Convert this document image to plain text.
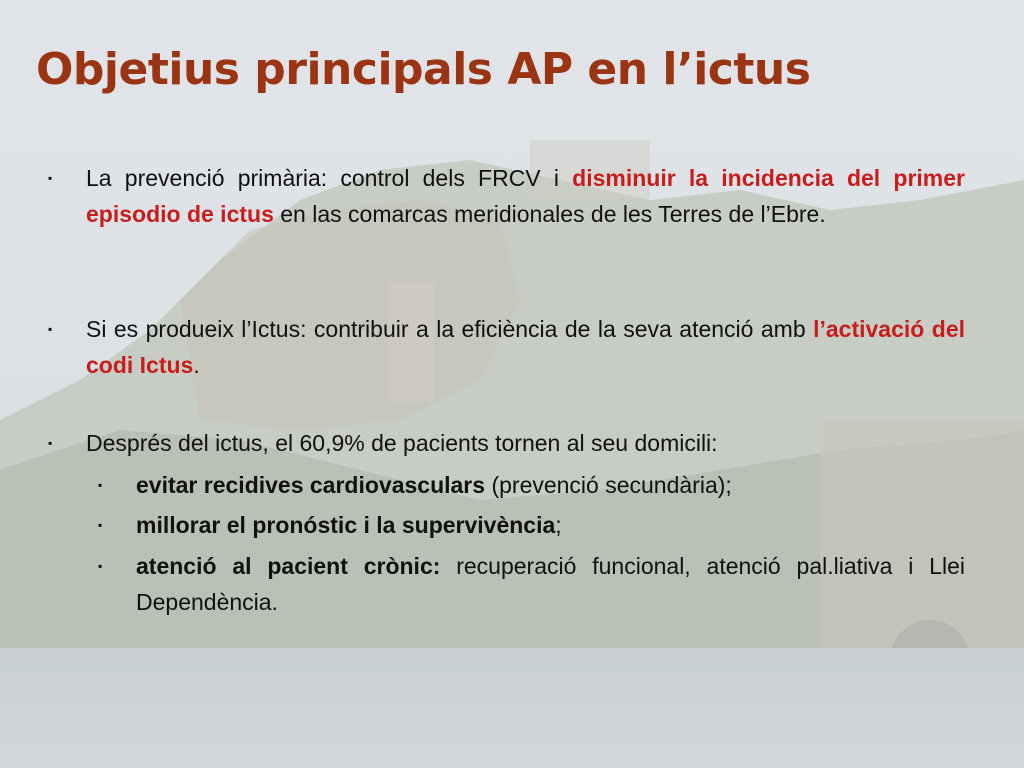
Objetius principals AP en l’ictus
▪ La prevenció primària: control dels FRCV i disminuir la incidencia del primer episodio de ictus en las comarcas meridionales de les Terres de l’Ebre.

▪ Si es produeix l’Ictus: contribuir a la eficiència de la seva atenció amb l’activació del codi Ictus.

▪ Després del ictus, el 60,9% de pacients tornen al seu domicili:

▪ evitar recidives cardiovasculars (prevenció secundària);

▪ millorar el pronóstic i la supervivència;

▪ atenció al pacient crònic: recuperació funcional, atenció pal.liativa i Llei Dependència.
